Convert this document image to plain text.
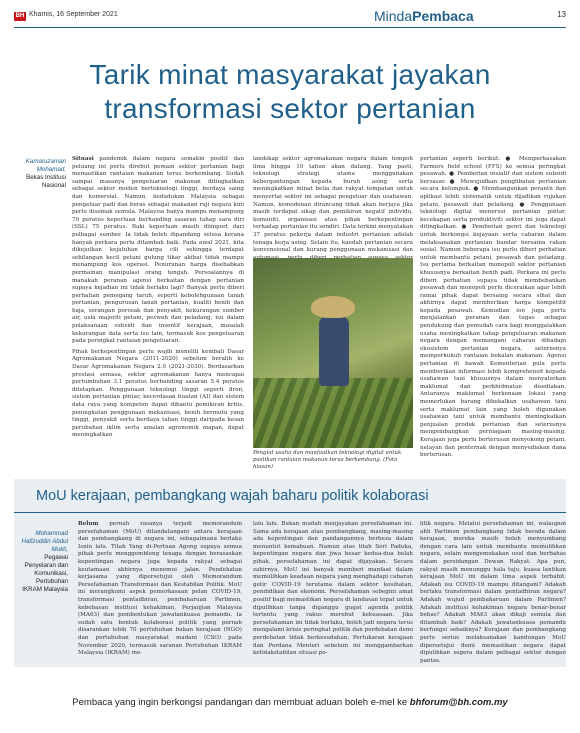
BH Khamis, 16 September 2021	MindaPembaca	13
Tarik minat masyarakat jayakan
transformasi sektor pertanian
Kamaruzaman Mohamad,
Bekas Institusi Nasional

Situasi pandemik dalam negara semakin positif dan peluang ini perlu direbut pemain sektor pertanian bagi memastikan rantaian makanan terus berkembang. Sudah sampai masanya pengeluaran makanan ditingkatkan sebagai sektor moden berteknologi tinggi, berdaya saing dan komersial. Namun, kedudukan Malaysia sebagai pengeluar padi dan beras sebagai makanan ruji negara kini perlu disemak semula. Malaysia hanya mampu menampung 70 peratus keperluan berhanding sasaran tahap sara diri (SSL) 75 peratus. Baki keperluan masih diimport dari pelbagai sumber. Ia tidak boleh dipandang selesa kerana banyak perkara perlu ditambah baik. Pada awal 2021, kita dikejutkan kejatuhan harga cili sehingga terdapat sebilangan kecil petani gulung tikar akibat tidak mampu menampung kos operasi. Penurunan harga disebabkan permainan manipulasi orang tengah. Persoalannya di manakah peranan agensi berkaitan dengan pertanian supaya kejadian ini tidak berlaku lagi? Banyak perlu diberi perhatian pemegang taruh, seperti kebolehgunaan tanah pertanian, pengurusan tanah pertanian, kualiti benih dan baja, serangan perosak dan penyakit, kekurangan sumber air, usia majoriti petani, peswah dan peladang, isu dalam pelaksanaan subsidi dan insentif kerajaan, masalah kekurangan data serta isu lain, termasuk kos pengeluaran pada peringkat rantaian pengeluaran.

Pihak berkepentingan perlu wajib meneliti kembali Dasar Agromakanan Negara (2011-2020) sebelum beralih ke Dasar Agromakanan Negara 2.0 (2021-2030). Berdasarkan prestasi semasa, sektor agromakanan hanya mencapai pertumbuhan 3.1 peratus berbanding sasaran 5.4 peratus ditetapkan. Penggunaan teknologi tinggi seperti dron, sistem pertanian pintar, kecerdasan buatan (AI) dan sistem data raya yang kompeten dapat dibantu pemikiran kritis, peningkatan penggunaan mekanisasi, benih bermutu yang tinggi, penyakit serta berdaya tahan tinggi daripada kesan perubahan iklim serta amalan agronomik mapan, dapat meningkatkan

landskap sektor agromakanan negara dalam tempoh lima hingga 10 tahun akan datang. Yang pasti, teknologi strategi utama menggunakan kebergantungan kepada buruh asing serta meningkatkan minat belia dan rakyat tempatan untuk menyertai sektor ini sebagai pengeluar dan usahawan. Namun, kemodenan dirancang tidak akan berjaya jika masih terdapat sikap dan pemikiran negatif individu, komuniti, organisasi atau pihak berkepentingan terhadap pertanian itu sendiri. Data terkini menyatakan 37 peratus pekerja dalam industri pertanian adalah tenaga kerja asing. Selain itu, kaedah pertanian secara konvensional dan kurang penggunaan mekanisasi dan

Pengiat usaha dan manfaatkan teknologi digital untuk pastikan rantaian makanan terus berkembang. (Foto hiasan)

pertanian seperti berikut: ● Memperkasakan Farmers field school (FFS) ke semua peringkat pesawah. ● Pemberian insiatif dan sistem subsidi bersasar. ● Mewujudkan penglibatan pertanian secara kelompok. ● Membangunkan perantii dan aplikasi lebih sistematik untuk dijadikan rujukan petani, pesawah dan peladang. ● Penggunaan teknologi digital menerusi pertanian pintar, kecekapan serta produktiviti sektor ini juga dapat ditingkatkan. ● Pemberian geret dan teknologi untuk berkongsi kejayaan serta cabaran dalam melaksanakan pertanian bandar bersama rakan sosial. Namun beberapa isu perlu diberi perhatian untuk membantu petani, pesawah dan peladang. Isu pertama berkaitan monopoli sektor pertanian khususnya berkaitan benih padi. Perkara ini perlu diberi perhatian supaya tidak membebankan pesawah dan monopoli perlu diceraikan agar lebih ramai pihak dapat bersaing secara sihat dan akhirnya dapat memberikan harga kompetitif kepada pesawah. Kemudian ion juga perlu menjalankan peranan dan tugas sebagai pendukung dan pemudah cara bagi menggalakkan usaha meningkatkan tahap pengeluaran makanan negara dengan memangani cabaran dihadapi ekosistem pertanian negara, seterusnya memperkukuh rantaian bekalan makanan. Agensi pertanian di bawah Kementerian pula perlu memberikan informasi lebih komprehensif kepada usahawan tani khususnya dalam menyalurkan maklumat dan perkhidmatan disediakan. Antaranya maklumat berkenaan lokasi yang memerlukan barang dibekalkan usahawan tani serta maklumat lain yang boleh digunakan usahawan tani untuk membantu meningkatkan penjualan produk pertanian dan seterusnya mengembangkan perniagaan masing-masing. Kerajaan juga perlu berterusan menyokong petani, nelayan dan penternak dengan menyediakan dana berterusan.

MoU kerajaan, pembangkang wajah baharu politik kolaborasi
Mohammad Hafizuddin Abdul Mukti,
Pegawai Penyelaran dan Komunikasi, Pertubuhan IKRAM Malaysia

Belum pernah rasanya terjadi memorandum persefahaman (MoU) ditandatangani antara kerajaan dan pembangkang di negara ini, sebagaimana berlaku Isnin lalu. Titah Yang di-Pertuan Agong supaya semua pihak perlu menggembleng tenaga dengan berasaskan kepentingan negara juga kepada rakyat sebagai keutamaan akhirnya menemui jalan. Pendekatan kerjasama yang dipersetujui oleh Memorandum Persefahaman Transformasi dan Kestabilan Politik. MoU ini merangkumi aspek pemerkasaan pelan COVID-19, transformasi pentadbiran, pembaharuan Parlimen, kebebasan institusi kehakiman, Perjanjian Malaysia (MA63) dan pembentukan jawatankuasa pemandu. Ia sudah satu bentuk kolaborasi politik yang pernah disarankan lebih 70 pertubuhan bukan kerajaan (NGO) dan pertubuhan masyarakat madani (CSO) pada November 2020, termasuk saranan Pertubuhan IKRAM Malaysia (IKRAM) me-

lalu lalu. Bukan mudah menjayakan persefahaman ini. Sama ada kerajaan atau pembangkang, masing-masing ada kepentingan dan pandangannya berbeza dalam menuntut kemahuan. Namun atas titah Seri Paduka, kepentingan negara dan jiwa besar kedua-dua belah pihak, persefahaman ini dapat dijayakan. Secara zahirnya, MoU ini banyak memberi manfaat dalam memulihkan keadaan negara yang menghadapi cabaran getir COVID-19 terutama dalam sektor kesihatan, pendidikan dan ekonomi. Persefahaman sebegini amat positif bagi memastikan negara di landasan tepat untuk dipulihkan tanpa diganggu gugat agenda politik tertentu yang rakus merebut kekuasaan. Jika persefahaman ini tidak berlaku, boleh jadi negara terus mengalami krisis peringkat politik dan perdebatan demi perdebatan tidak berkesudahan. Pertukaran kerajaan dan Perdana Menteri sebelum ini menggambarkan ketidakstabilan situasi po-

litik negara. Melalui persefahaman ini, walaupun ahli Parlimen pembangkang tidak berada dalam kerajaan, mereka masih boleh menyumbang dengan cara lain untuk membantu memulihkan negara, selain mengemukakan usul dan berbahas dalam persidangan Dewan Rakyat. Apa pun, rakyat masih menunggu hala tuju, kuasa lantikan kerajaan MoU ini dalam lima aspek terbabit. Adakah isu COVID-19 mampu ditangani? Adakah berlaku transformasi dalam pentadbiran negara? Adakah wujud pembaharuan dalam Parlimen? Adakah institusi kehakiman negara benar-benar bebas? Adakah MA63 akan dikaji semula dan ditambah baik? Adakah jawatankuasa pemandu berfungsi sebaiknya? Kerajaan dan pembangkang perlu serius melaksanakan kandungan MoU dipersetujui demi memastikan negara dapat dipulihkan segera dalam pelbagai sektor dengan pantas.

Pembaca yang ingin berkongsi pandangan dan membuat aduan boleh e-mel ke bhforum@bh.com.my
